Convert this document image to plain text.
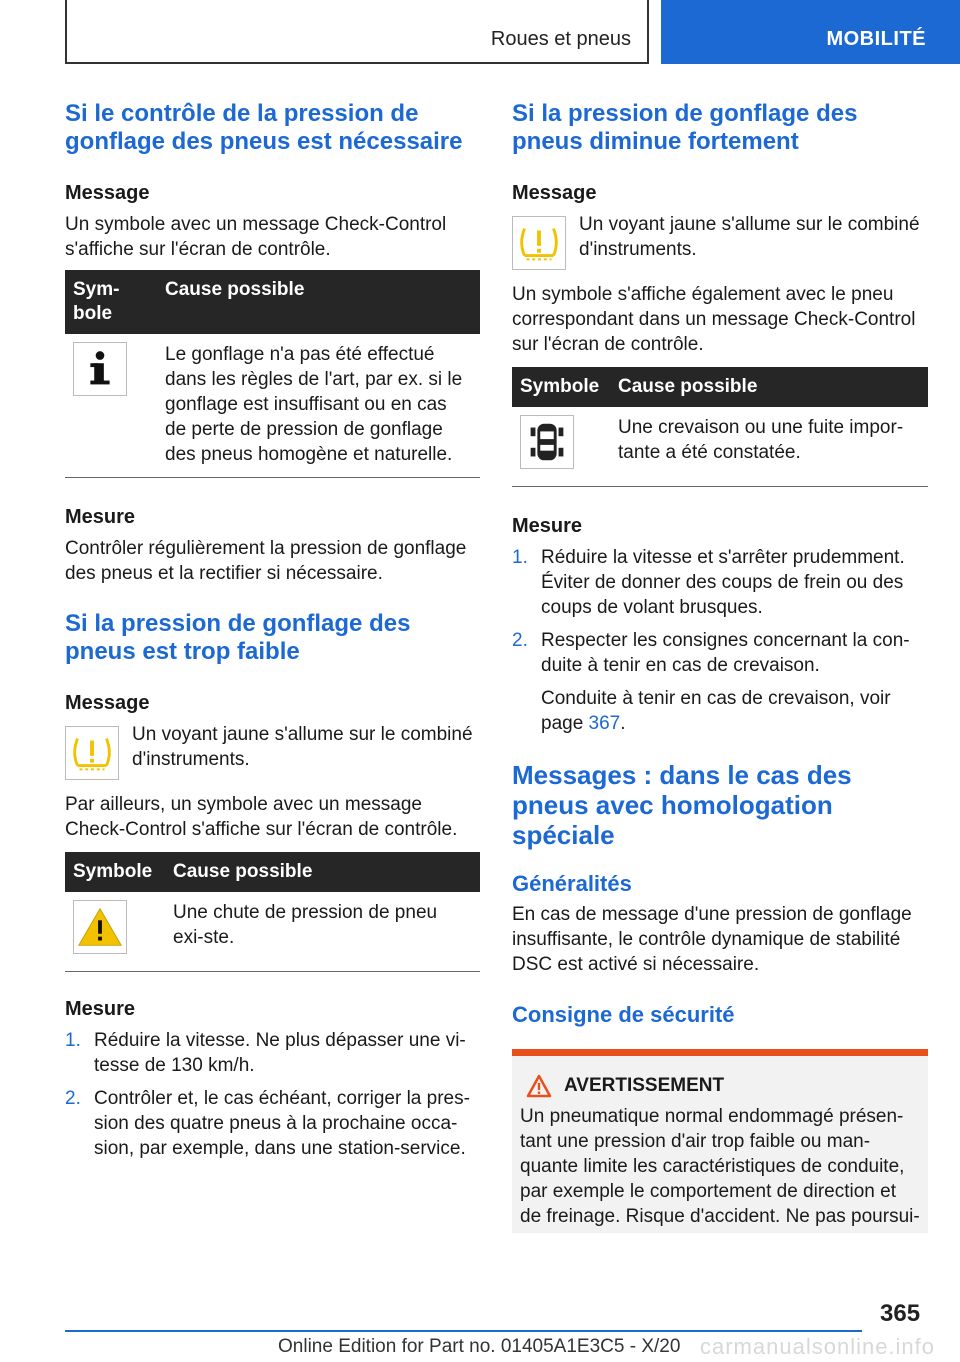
Roues et pneus	MOBILITÉ
Si le contrôle de la pression de gonflage des pneus est nécessaire
Message

Un symbole avec un message Check-Control s'affiche sur l'écran de contrôle.

Sym-bole	Cause possible
	Le gonflage n'a pas été effectué dans les règles de l'art, par ex. si le gonflage est insuffisant ou en cas de perte de pression de gonflage des pneus homogène et naturelle.
Mesure

Contrôler régulièrement la pression de gonflage des pneus et la rectifier si nécessaire.

Si la pression de gonflage des pneus est trop faible
Message

Un voyant jaune s'allume sur le combiné d'instruments.

Par ailleurs, un symbole avec un message Check-Control s'affiche sur l'écran de contrôle.

Symbole	Cause possible
	Une chute de pression de pneu exi-ste.
Mesure
1. Réduire la vitesse. Ne plus dépasser une vi-tesse de 130 km/h.
2. Contrôler et, le cas échéant, corriger la pres-sion des quatre pneus à la prochaine occa-sion, par exemple, dans une station-service.
Si la pression de gonflage des pneus diminue fortement
Message

Un voyant jaune s'allume sur le combiné d'instruments.

Un symbole s'affiche également avec le pneu correspondant dans un message Check-Control sur l'écran de contrôle.

Symbole	Cause possible
	Une crevaison ou une fuite impor-tante a été constatée.
Mesure
1. Réduire la vitesse et s'arrêter prudemment. Éviter de donner des coups de frein ou des coups de volant brusques.
2. Respecter les consignes concernant la con-duite à tenir en cas de crevaison.

Conduite à tenir en cas de crevaison, voir page 367.

Messages : dans le cas des pneus avec homologation spéciale
Généralités

En cas de message d'une pression de gonflage insuffisante, le contrôle dynamique de stabilité DSC est activé si nécessaire.

Consigne de sécurité
AVERTISSEMENT

Un pneumatique normal endommagé présen-tant une pression d'air trop faible ou man-quante limite les caractéristiques de conduite, par exemple le comportement de direction et de freinage. Risque d'accident. Ne pas poursui-

365
Online Edition for Part no. 01405A1E3C5 - X/20 carmanualsonline.info
